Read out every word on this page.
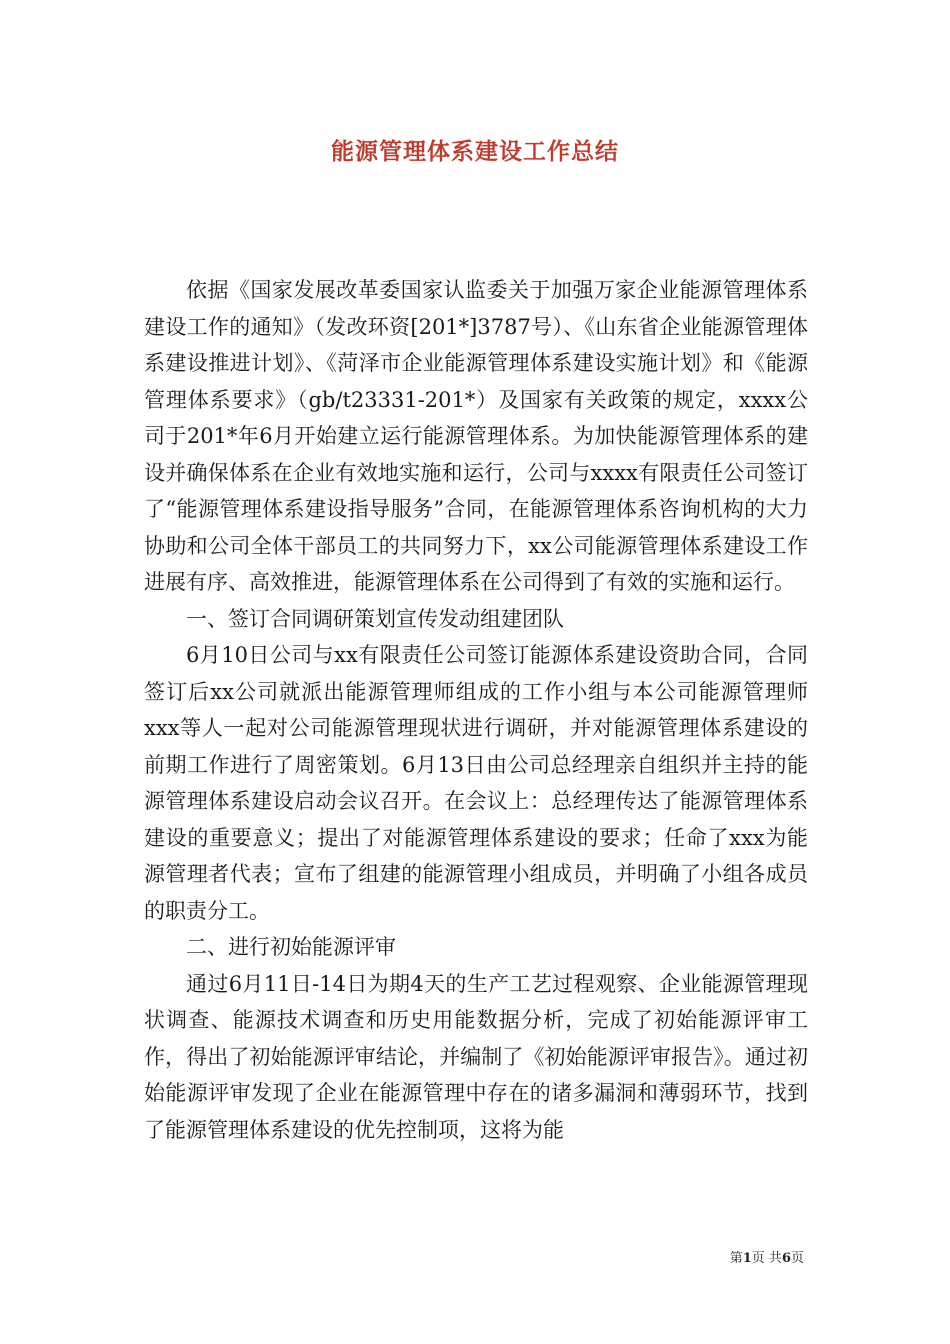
能源管理体系建设工作总结

依据《国家发展改革委国家认监委关于加强万家企业能源管理体系建设工作的通知》（发改环资[201*]3787号）、《山东省企业能源管理体系建设推进计划》、《菏泽市企业能源管理体系建设实施计划》和《能源管理体系要求》（gb/t23331-201*）及国家有关政策的规定，xxxx公司于201*年6月开始建立运行能源管理体系。为加快能源管理体系的建设并确保体系在企业有效地实施和运行，公司与xxxx有限责任公司签订了“能源管理体系建设指导服务”合同，在能源管理体系咨询机构的大力协助和公司全体干部员工的共同努力下，xx公司能源管理体系建设工作进展有序、高效推进，能源管理体系在公司得到了有效的实施和运行。

一、签订合同调研策划宣传发动组建团队

6月10日公司与xx有限责任公司签订能源体系建设资助合同，合同签订后xx公司就派出能源管理师组成的工作小组与本公司能源管理师xxx等人一起对公司能源管理现状进行调研，并对能源管理体系建设的前期工作进行了周密策划。6月13日由公司总经理亲自组织并主持的能源管理体系建设启动会议召开。在会议上：总经理传达了能源管理体系建设的重要意义；提出了对能源管理体系建设的要求；任命了xxx为能源管理者代表；宣布了组建的能源管理小组成员，并明确了小组各成员的职责分工。

二、进行初始能源评审

通过6月11日-14日为期4天的生产工艺过程观察、企业能源管理现状调查、能源技术调查和历史用能数据分析，完成了初始能源评审工作，得出了初始能源评审结论，并编制了《初始能源评审报告》。通过初始能源评审发现了企业在能源管理中存在的诸多漏洞和薄弱环节，找到了能源管理体系建设的优先控制项，这将为能

第1页 共6页
